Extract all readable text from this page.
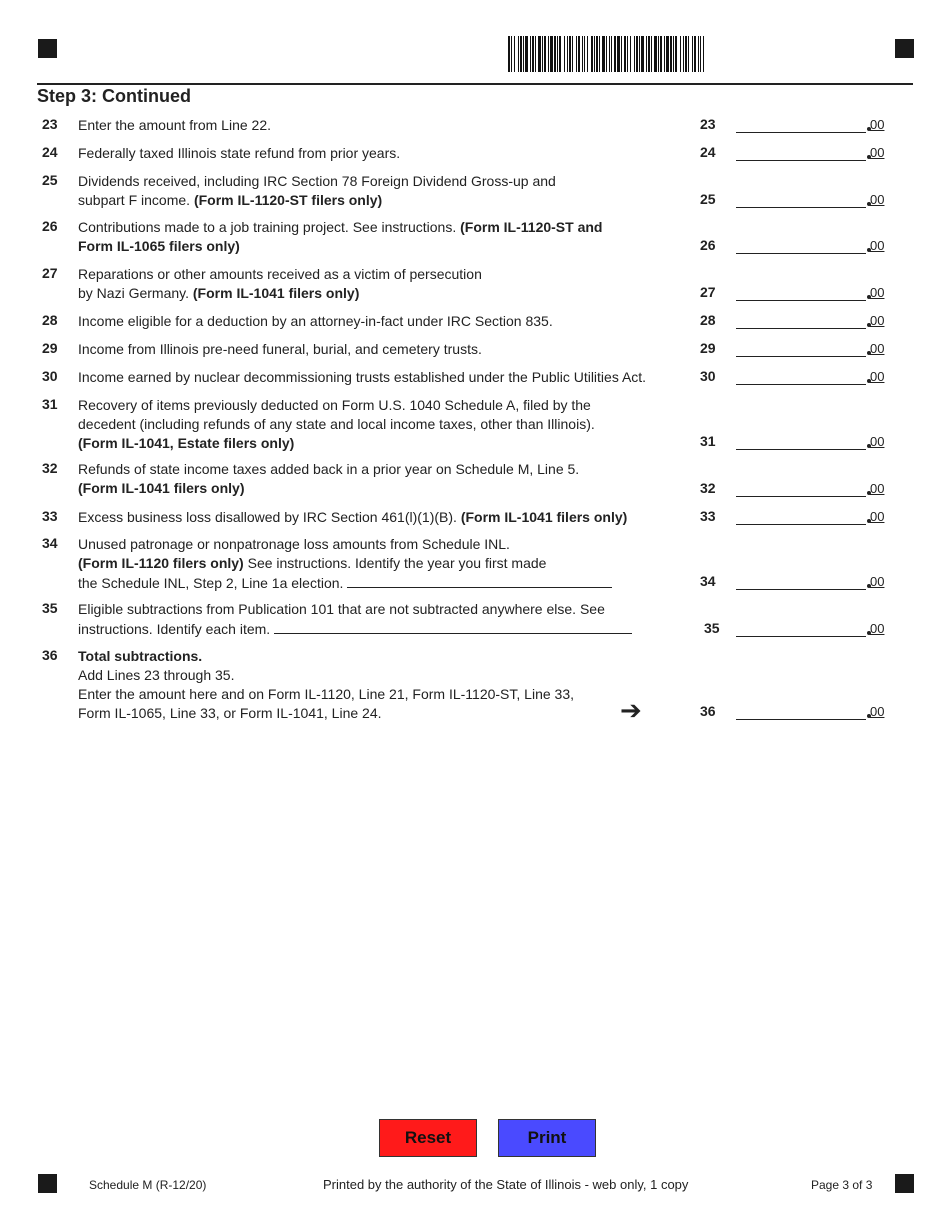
Step 3: Continued
23 Enter the amount from Line 22.
24 Federally taxed Illinois state refund from prior years.
25 Dividends received, including IRC Section 78 Foreign Dividend Gross-up and
subpart F income. (Form IL-1120-ST filers only)
26 Contributions made to a job training project. See instructions. (Form IL-1120-ST and
Form IL-1065 filers only)
27 Reparations or other amounts received as a victim of persecution
by Nazi Germany. (Form IL-1041 filers only)
28 Income eligible for a deduction by an attorney-in-fact under IRC Section 835.
29 Income from Illinois pre-need funeral, burial, and cemetery trusts.
30 Income earned by nuclear decommissioning trusts established under the Public Utilities Act.
31 Recovery of items previously deducted on Form U.S. 1040 Schedule A, filed by the
decedent (including refunds of any state and local income taxes, other than Illinois).
(Form IL-1041, Estate filers only)
32 Refunds of state income taxes added back in a prior year on Schedule M, Line 5.
(Form IL-1041 filers only)
33 Excess business loss disallowed by IRC Section 461(l)(1)(B). (Form IL-1041 filers only)
34 Unused patronage or nonpatronage loss amounts from Schedule INL.
(Form IL-1120 filers only) See instructions. Identify the year you first made
the Schedule INL, Step 2, Line 1a election.
35 Eligible subtractions from Publication 101 that are not subtracted anywhere else. See
instructions. Identify each item.
36 Total subtractions.
Add Lines 23 through 35.
Enter the amount here and on Form IL-1120, Line 21, Form IL-1120-ST, Line 33,
Form IL-1065, Line 33, or Form IL-1041, Line 24.
Reset	Print
Schedule M (R-12/20)	Printed by the authority of the State of Illinois - web only, 1 copy	Page 3 of 3
23	00
24	00
25	00
26	00
27	00
28	00
29	00
30	00
31	00
32	00
33	00
34	00
35	00
36	00
➔
